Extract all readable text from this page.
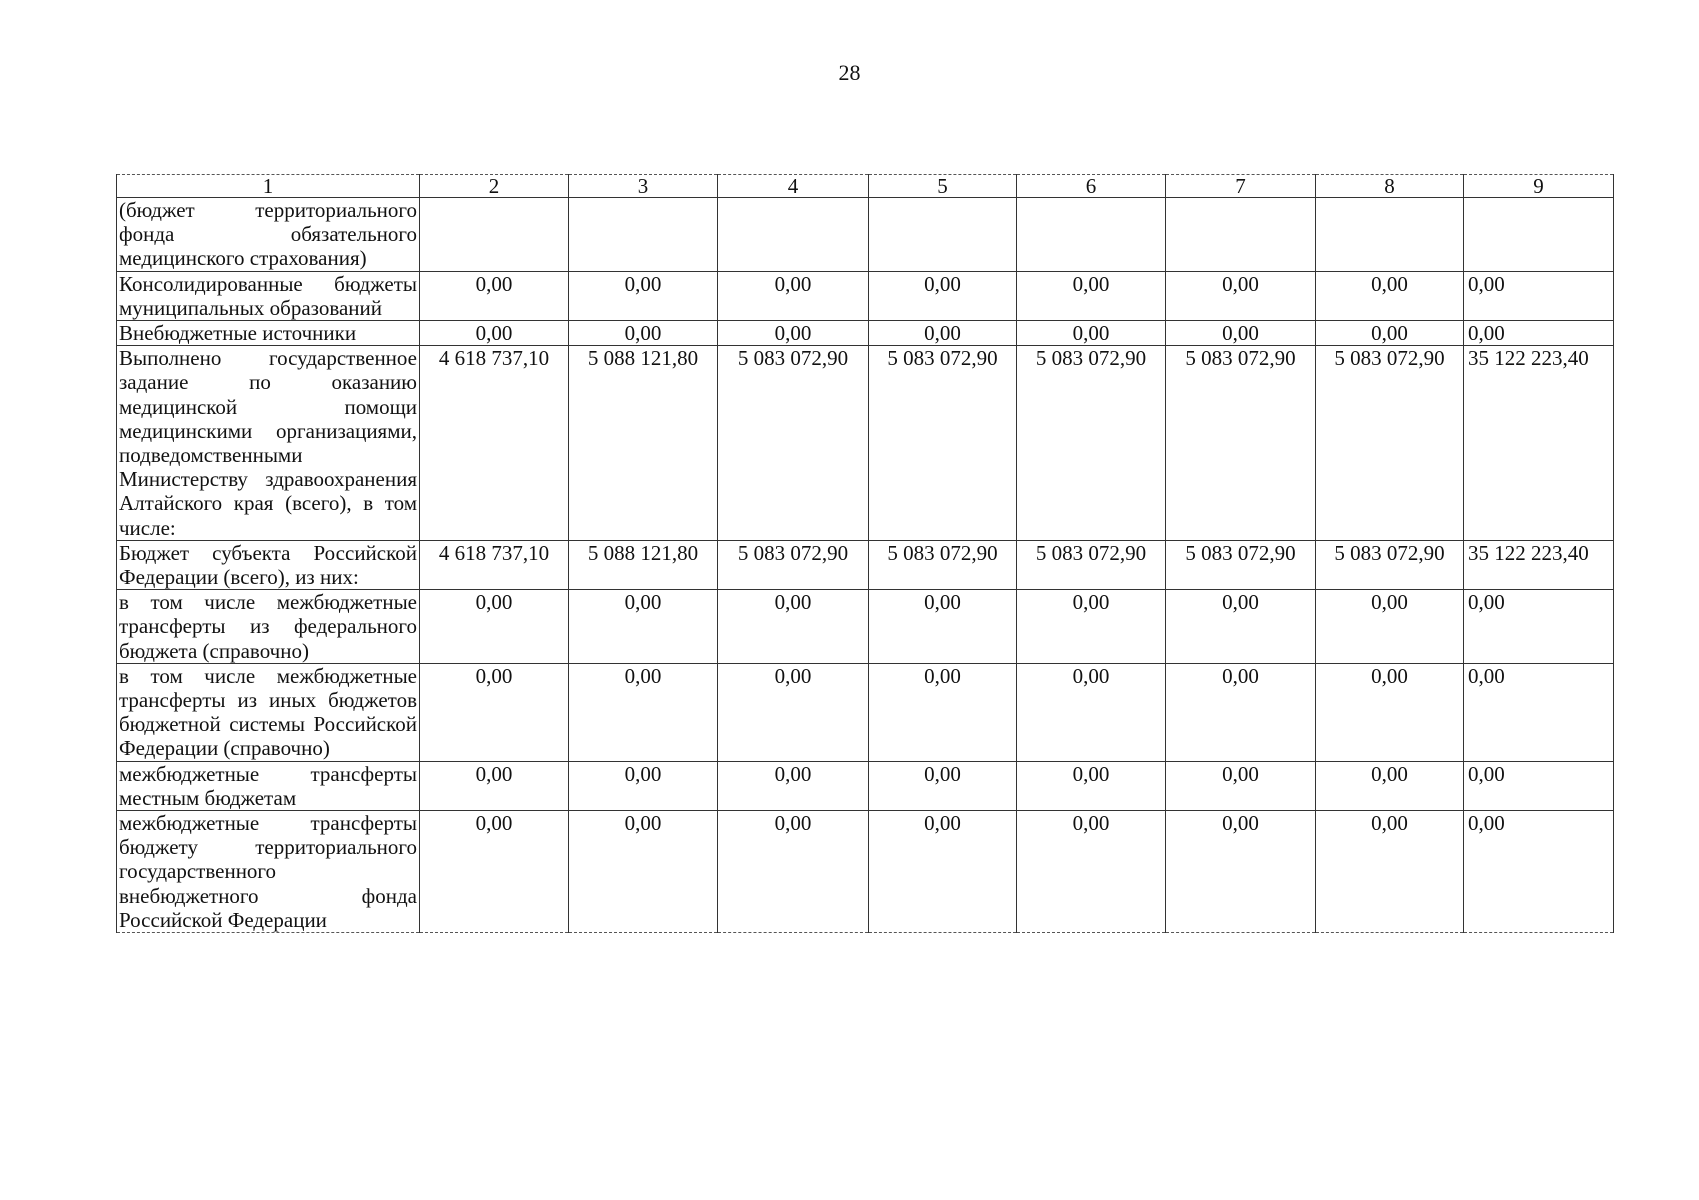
28
1	2	3	4	5	6	7	8	9
(бюджет территориального фонда обязательного медицинского страхования)								
Консолидированные бюджеты муниципальных образований	0,00	0,00	0,00	0,00	0,00	0,00	0,00	0,00
Внебюджетные источники	0,00	0,00	0,00	0,00	0,00	0,00	0,00	0,00
Выполнено государственное задание по оказанию медицинской помощи медицинскими организациями, подведомственными Министерству здравоохранения Алтайского края (всего), в том числе:	4 618 737,10	5 088 121,80	5 083 072,90	5 083 072,90	5 083 072,90	5 083 072,90	5 083 072,90	35 122 223,40
Бюджет субъекта Российской Федерации (всего), из них:	4 618 737,10	5 088 121,80	5 083 072,90	5 083 072,90	5 083 072,90	5 083 072,90	5 083 072,90	35 122 223,40
в том числе межбюджетные трансферты из федерального бюджета (справочно)	0,00	0,00	0,00	0,00	0,00	0,00	0,00	0,00
в том числе межбюджетные трансферты из иных бюджетов бюджетной системы Российской Федерации (справочно)	0,00	0,00	0,00	0,00	0,00	0,00	0,00	0,00
межбюджетные трансферты местным бюджетам	0,00	0,00	0,00	0,00	0,00	0,00	0,00	0,00
межбюджетные трансферты бюджету территориального государственного внебюджетного фонда Российской Федерации	0,00	0,00	0,00	0,00	0,00	0,00	0,00	0,00
